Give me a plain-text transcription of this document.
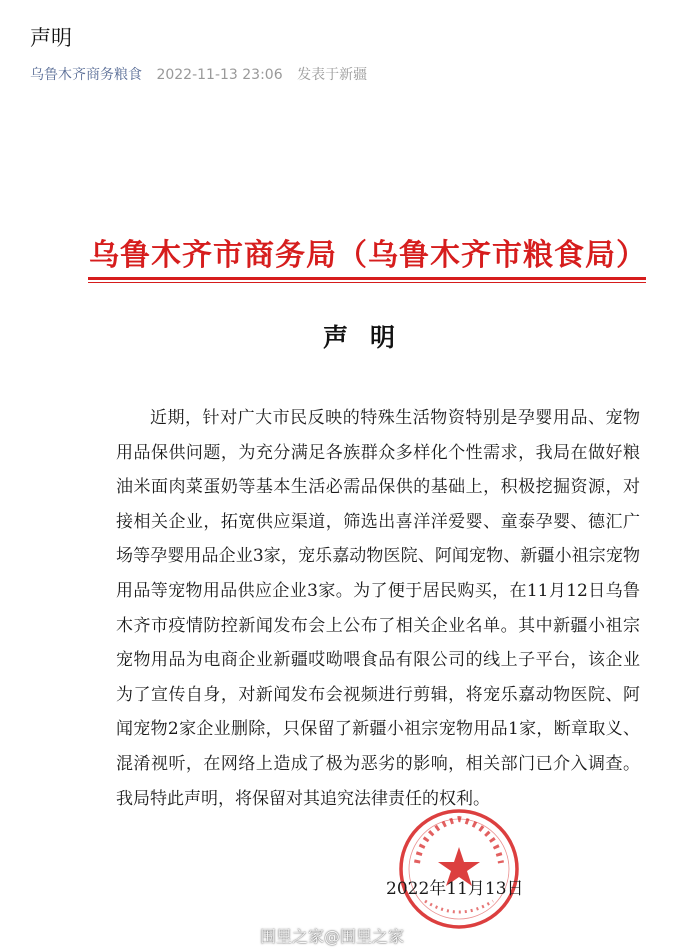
声明
乌鲁木齐商务粮食 2022-11-13 23:06 发表于新疆
乌鲁木齐市商务局（乌鲁木齐市粮食局）
声明

近期，针对广大市民反映的特殊生活物资特别是孕婴用品、宠物用品保供问题，为充分满足各族群众多样化个性需求，我局在做好粮油米面肉菜蛋奶等基本生活必需品保供的基础上，积极挖掘资源，对接相关企业，拓宽供应渠道，筛选出喜洋洋爱婴、童泰孕婴、德汇广场等孕婴用品企业3家，宠乐嘉动物医院、阿闻宠物、新疆小祖宗宠物用品等宠物用品供应企业3家。为了便于居民购买，在11月12日乌鲁木齐市疫情防控新闻发布会上公布了相关企业名单。其中新疆小祖宗宠物用品为电商企业新疆哎呦喂食品有限公司的线上子平台，该企业为了宣传自身，对新闻发布会视频进行剪辑，将宠乐嘉动物医院、阿闻宠物2家企业删除，只保留了新疆小祖宗宠物用品1家，断章取义、混淆视听，在网络上造成了极为恶劣的影响，相关部门已介入调查。我局特此声明，将保留对其追究法律责任的权利。

2022年11月13日
围里之家@围里之家
